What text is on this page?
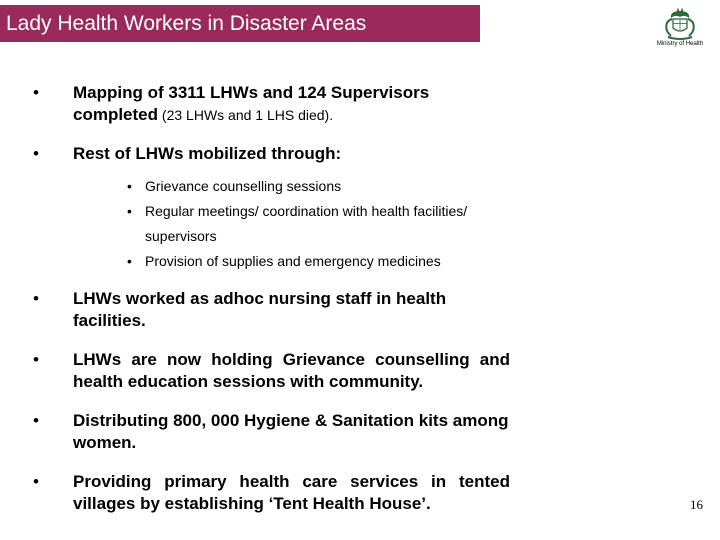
Lady Health Workers in Disaster Areas
Ministry of Health
• Mapping of 3311 LHWs and 124 Supervisors completed (23 LHWs and 1 LHS died).
• Rest of LHWs mobilized through:
• Grievance counselling sessions
• Regular meetings/ coordination with health facilities/ supervisors
• Provision of supplies and emergency medicines
• LHWs worked as adhoc nursing staff in health facilities.
• LHWs are now holding Grievance counselling and health education sessions with community.
• Distributing 800, 000 Hygiene & Sanitation kits among women.
• Providing primary health care services in tented villages by establishing ‘Tent Health House’.	16
